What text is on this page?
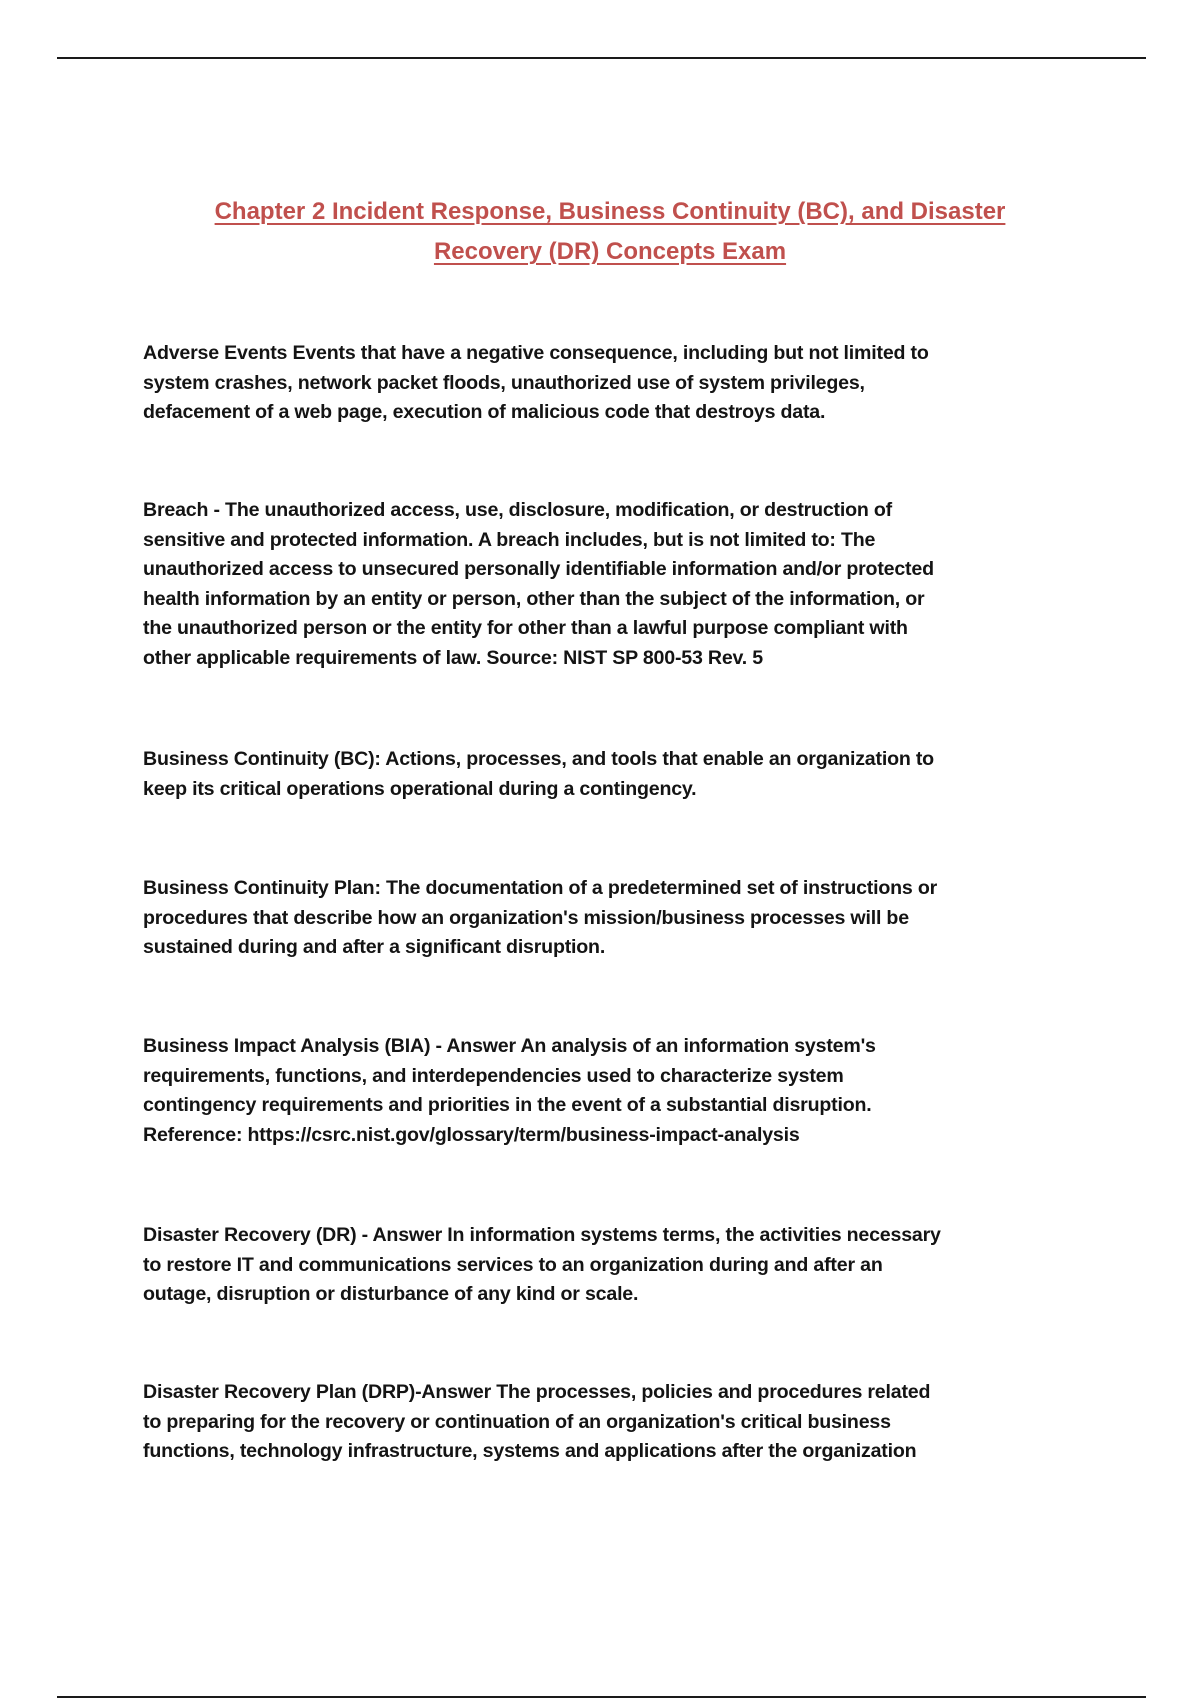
Chapter 2 Incident Response, Business Continuity (BC), and Disaster
Recovery (DR) Concepts Exam

Adverse Events Events that have a negative consequence, including but not limited to

system crashes, network packet floods, unauthorized use of system privileges,

defacement of a web page, execution of malicious code that destroys data.

Breach - The unauthorized access, use, disclosure, modification, or destruction of

sensitive and protected information. A breach includes, but is not limited to: The

unauthorized access to unsecured personally identifiable information and/or protected

health information by an entity or person, other than the subject of the information, or

the unauthorized person or the entity for other than a lawful purpose compliant with

other applicable requirements of law. Source: NIST SP 800-53 Rev. 5

Business Continuity (BC): Actions, processes, and tools that enable an organization to

keep its critical operations operational during a contingency.

Business Continuity Plan: The documentation of a predetermined set of instructions or

procedures that describe how an organization's mission/business processes will be

sustained during and after a significant disruption.

Business Impact Analysis (BIA) - Answer An analysis of an information system's

requirements, functions, and interdependencies used to characterize system

contingency requirements and priorities in the event of a substantial disruption.

Reference: https://csrc.nist.gov/glossary/term/business-impact-analysis

Disaster Recovery (DR) - Answer In information systems terms, the activities necessary

to restore IT and communications services to an organization during and after an

outage, disruption or disturbance of any kind or scale.

Disaster Recovery Plan (DRP)-Answer The processes, policies and procedures related

to preparing for the recovery or continuation of an organization's critical business

functions, technology infrastructure, systems and applications after the organization
